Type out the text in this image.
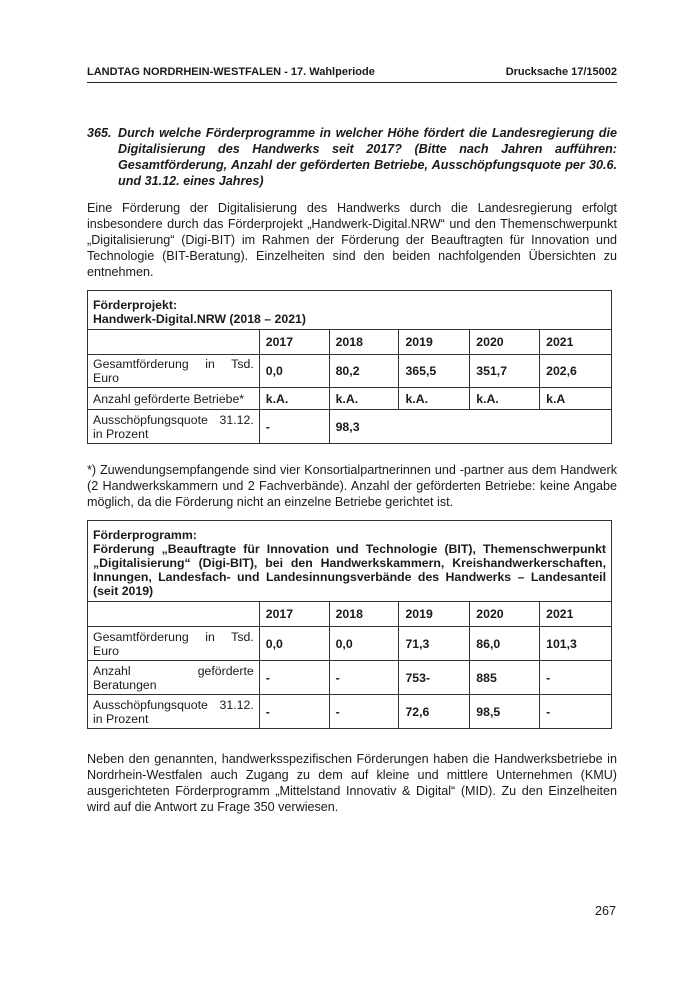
LANDTAG NORDRHEIN-WESTFALEN - 17. Wahlperiode	Drucksache 17/15002
365. Durch welche Förderprogramme in welcher Höhe fördert die Landesregierung die Digitalisierung des Handwerks seit 2017? (Bitte nach Jahren aufführen: Gesamtförderung, Anzahl der geförderten Betriebe, Ausschöpfungsquote per 30.6. und 31.12. eines Jahres)
Eine Förderung der Digitalisierung des Handwerks durch die Landesregierung erfolgt insbesondere durch das Förderprojekt „Handwerk-Digital.NRW“ und den Themenschwerpunkt „Digitalisierung“ (Digi-BIT) im Rahmen der Förderung der Beauftragten für Innovation und Technologie (BIT-Beratung). Einzelheiten sind den beiden nachfolgenden Übersichten zu entnehmen.
Förderprojekt:
Handwerk-Digital.NRW (2018 – 2021)					

	2017	2018	2019	2020	2021
Gesamtförderung in Tsd. Euro	0,0	80,2	365,5	351,7	202,6
Anzahl geförderte Betriebe*	k.A.	k.A.	k.A.	k.A.	k.A
Ausschöpfungsquote 31.12. in Prozent	-	98,3			
*) Zuwendungsempfangende sind vier Konsortialpartnerinnen und -partner aus dem Handwerk (2 Handwerkskammern und 2 Fachverbände). Anzahl der geförderten Betriebe: keine Angabe möglich, da die Förderung nicht an einzelne Betriebe gerichtet ist.
Förderprogramm:
Förderung „Beauftragte für Innovation und Technologie (BIT), Themenschwerpunkt „Digitalisierung“ (Digi-BIT), bei den Handwerkskammern, Kreishandwerkerschaften, Innungen, Landesfach- und Landesinnungsverbände des Handwerks – Landesanteil (seit 2019)					

	2017	2018	2019	2020	2021
Gesamtförderung in Tsd. Euro	0,0	0,0	71,3	86,0	101,3
Anzahl geförderte Beratungen	-	-	753-	885	-
Ausschöpfungsquote 31.12. in Prozent	-	-	72,6	98,5	-
Neben den genannten, handwerksspezifischen Förderungen haben die Handwerksbetriebe in Nordrhein-Westfalen auch Zugang zu dem auf kleine und mittlere Unternehmen (KMU) ausgerichteten Förderprogramm „Mittelstand Innovativ & Digital“ (MID). Zu den Einzelheiten wird auf die Antwort zu Frage 350 verwiesen.
267
